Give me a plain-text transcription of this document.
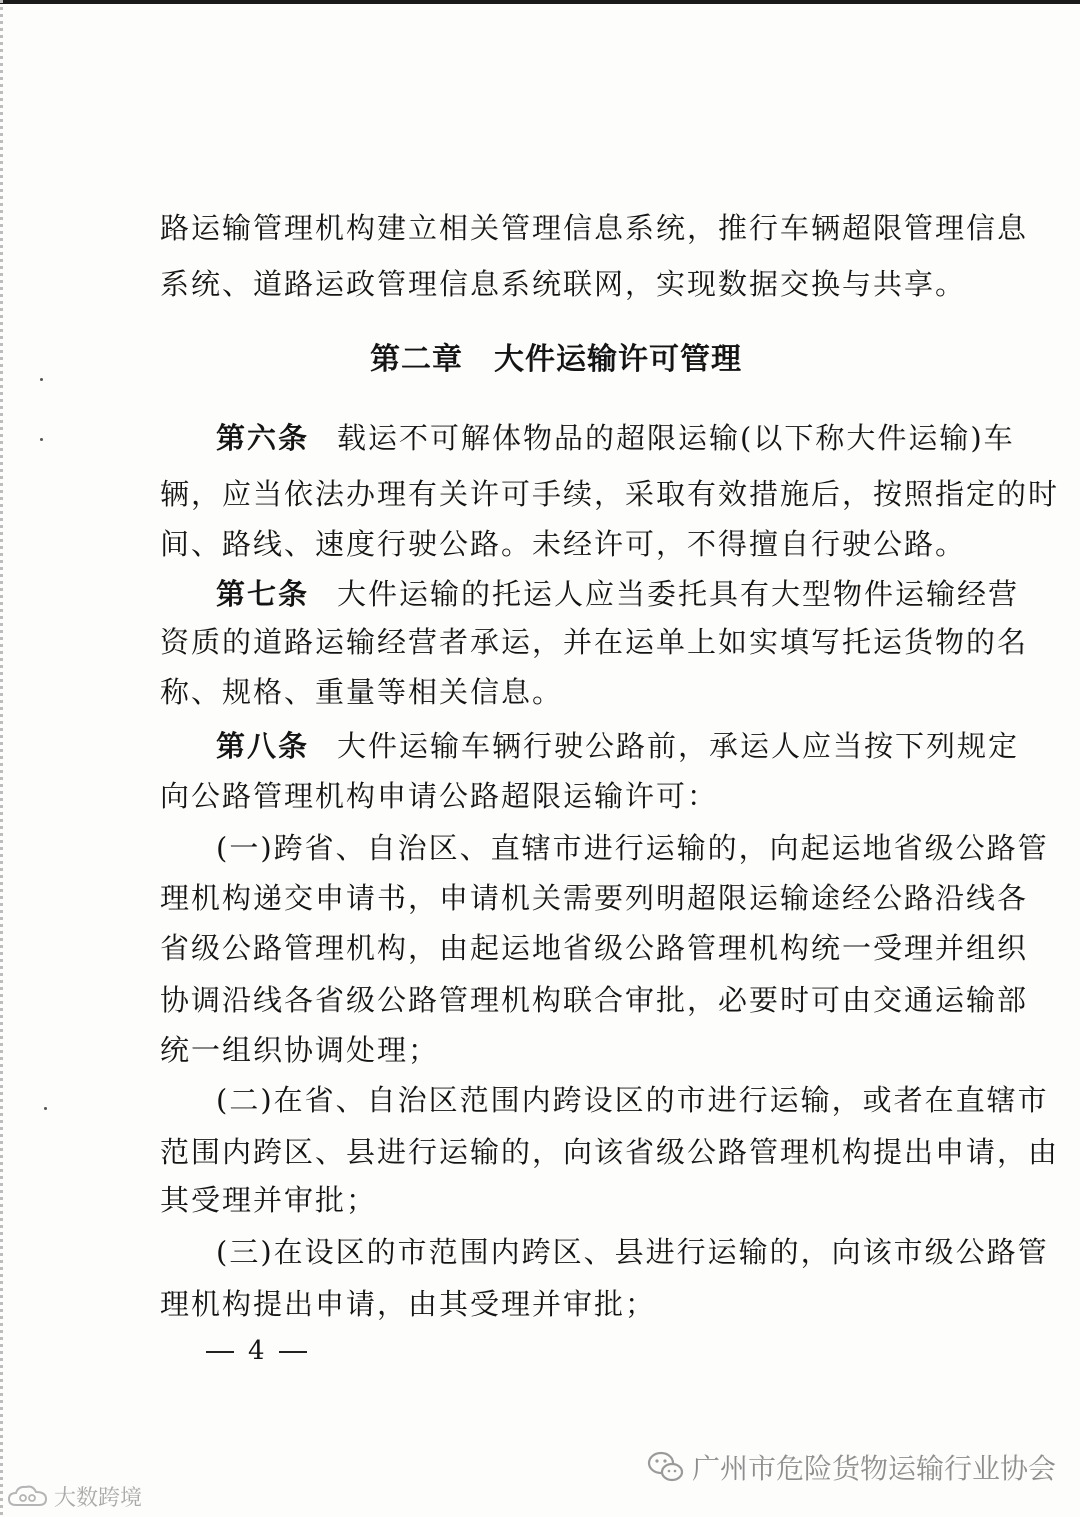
路运输管理机构建立相关管理信息系统，推行车辆超限管理信息
系统、道路运政管理信息系统联网，实现数据交换与共享。
第二章　大件运输许可管理
第六条 载运不可解体物品的超限运输(以下称大件运输)车
辆，应当依法办理有关许可手续，采取有效措施后，按照指定的时
间、路线、速度行驶公路。未经许可，不得擅自行驶公路。
第七条 大件运输的托运人应当委托具有大型物件运输经营
资质的道路运输经营者承运，并在运单上如实填写托运货物的名
称、规格、重量等相关信息。
第八条 大件运输车辆行驶公路前，承运人应当按下列规定
向公路管理机构申请公路超限运输许可：
(一)跨省、自治区、直辖市进行运输的，向起运地省级公路管
理机构递交申请书，申请机关需要列明超限运输途经公路沿线各
省级公路管理机构，由起运地省级公路管理机构统一受理并组织
协调沿线各省级公路管理机构联合审批，必要时可由交通运输部
统一组织协调处理；
(二)在省、自治区范围内跨设区的市进行运输，或者在直辖市
范围内跨区、县进行运输的，向该省级公路管理机构提出申请，由
其受理并审批；
(三)在设区的市范围内跨区、县进行运输的，向该市级公路管
理机构提出申请，由其受理并审批；
4
广州市危险货物运输行业协会
大数跨境
